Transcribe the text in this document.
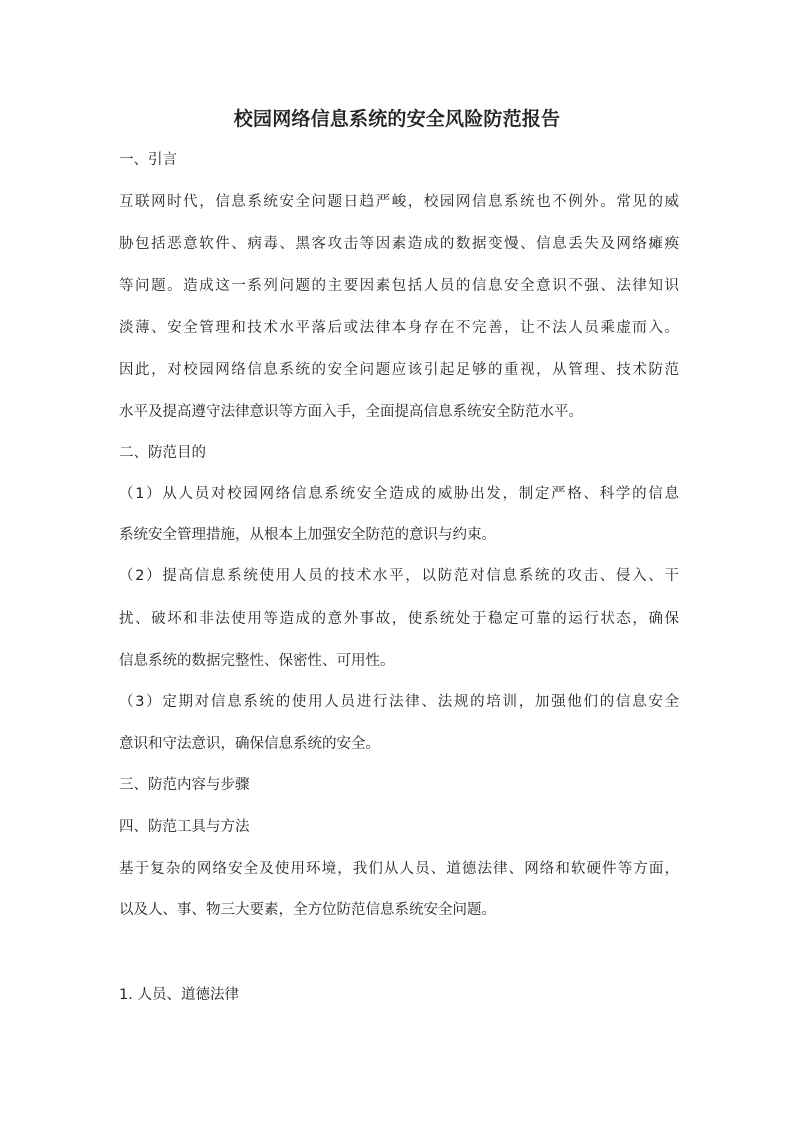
校园网络信息系统的安全风险防范报告
一、引言
互联网时代，信息系统安全问题日趋严峻，校园网信息系统也不例外。常见的威
胁包括恶意软件、病毒、黑客攻击等因素造成的数据变慢、信息丢失及网络瘫痪
等问题。造成这一系列问题的主要因素包括人员的信息安全意识不强、法律知识
淡薄、安全管理和技术水平落后或法律本身存在不完善，让不法人员乘虚而入。
因此，对校园网络信息系统的安全问题应该引起足够的重视，从管理、技术防范
水平及提高遵守法律意识等方面入手，全面提高信息系统安全防范水平。
二、防范目的
（1）从人员对校园网络信息系统安全造成的威胁出发，制定严格、科学的信息
系统安全管理措施，从根本上加强安全防范的意识与约束。
（2）提高信息系统使用人员的技术水平，以防范对信息系统的攻击、侵入、干
扰、破坏和非法使用等造成的意外事故，使系统处于稳定可靠的运行状态，确保
信息系统的数据完整性、保密性、可用性。
（3）定期对信息系统的使用人员进行法律、法规的培训，加强他们的信息安全
意识和守法意识，确保信息系统的安全。
三、防范内容与步骤
四、防范工具与方法
基于复杂的网络安全及使用环境，我们从人员、道德法律、网络和软硬件等方面，
以及人、事、物三大要素，全方位防范信息系统安全问题。
1. 人员、道德法律
